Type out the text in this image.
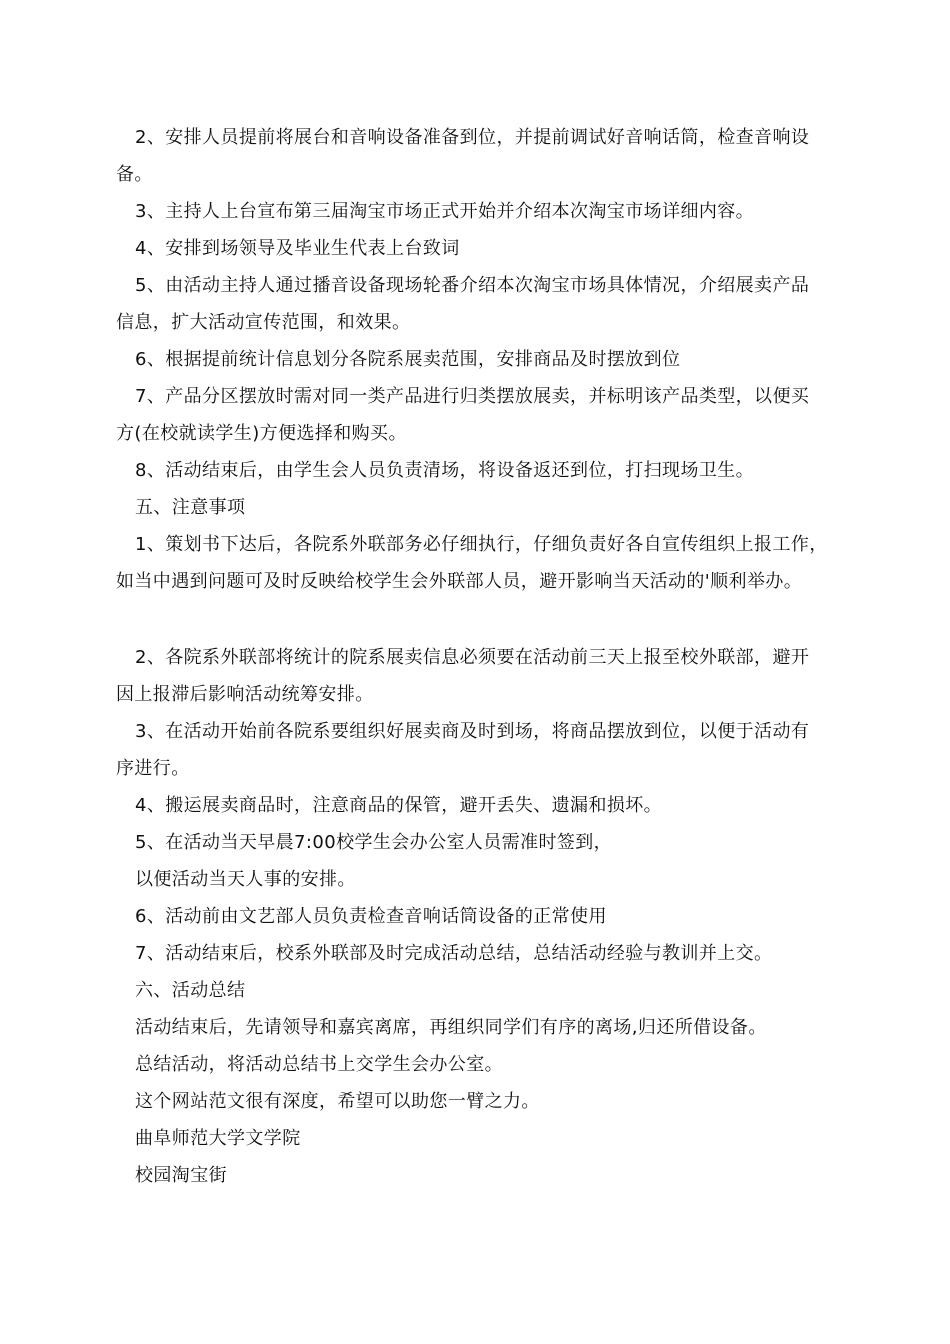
2、安排人员提前将展台和音响设备准备到位，并提前调试好音响话筒，检查音响设
备。
3、主持人上台宣布第三届淘宝市场正式开始并介绍本次淘宝市场详细内容。
4、安排到场领导及毕业生代表上台致词
5、由活动主持人通过播音设备现场轮番介绍本次淘宝市场具体情况，介绍展卖产品
信息，扩大活动宣传范围，和效果。
6、根据提前统计信息划分各院系展卖范围，安排商品及时摆放到位
7、产品分区摆放时需对同一类产品进行归类摆放展卖，并标明该产品类型，以便买
方(在校就读学生)方便选择和购买。
8、活动结束后，由学生会人员负责清场，将设备返还到位，打扫现场卫生。
五、注意事项
1、策划书下达后，各院系外联部务必仔细执行，仔细负责好各自宣传组织上报工作，
如当中遇到问题可及时反映给校学生会外联部人员，避开影响当天活动的'顺利举办。
2、各院系外联部将统计的院系展卖信息必须要在活动前三天上报至校外联部，避开
因上报滞后影响活动统筹安排。
3、在活动开始前各院系要组织好展卖商及时到场，将商品摆放到位，以便于活动有
序进行。
4、搬运展卖商品时，注意商品的保管，避开丢失、遗漏和损坏。
5、在活动当天早晨7:00校学生会办公室人员需准时签到，
以便活动当天人事的安排。
6、活动前由文艺部人员负责检查音响话筒设备的正常使用
7、活动结束后，校系外联部及时完成活动总结，总结活动经验与教训并上交。
六、活动总结
活动结束后，先请领导和嘉宾离席，再组织同学们有序的离场,归还所借设备。
总结活动，将活动总结书上交学生会办公室。
这个网站范文很有深度，希望可以助您一臂之力。
曲阜师范大学文学院
校园淘宝街
